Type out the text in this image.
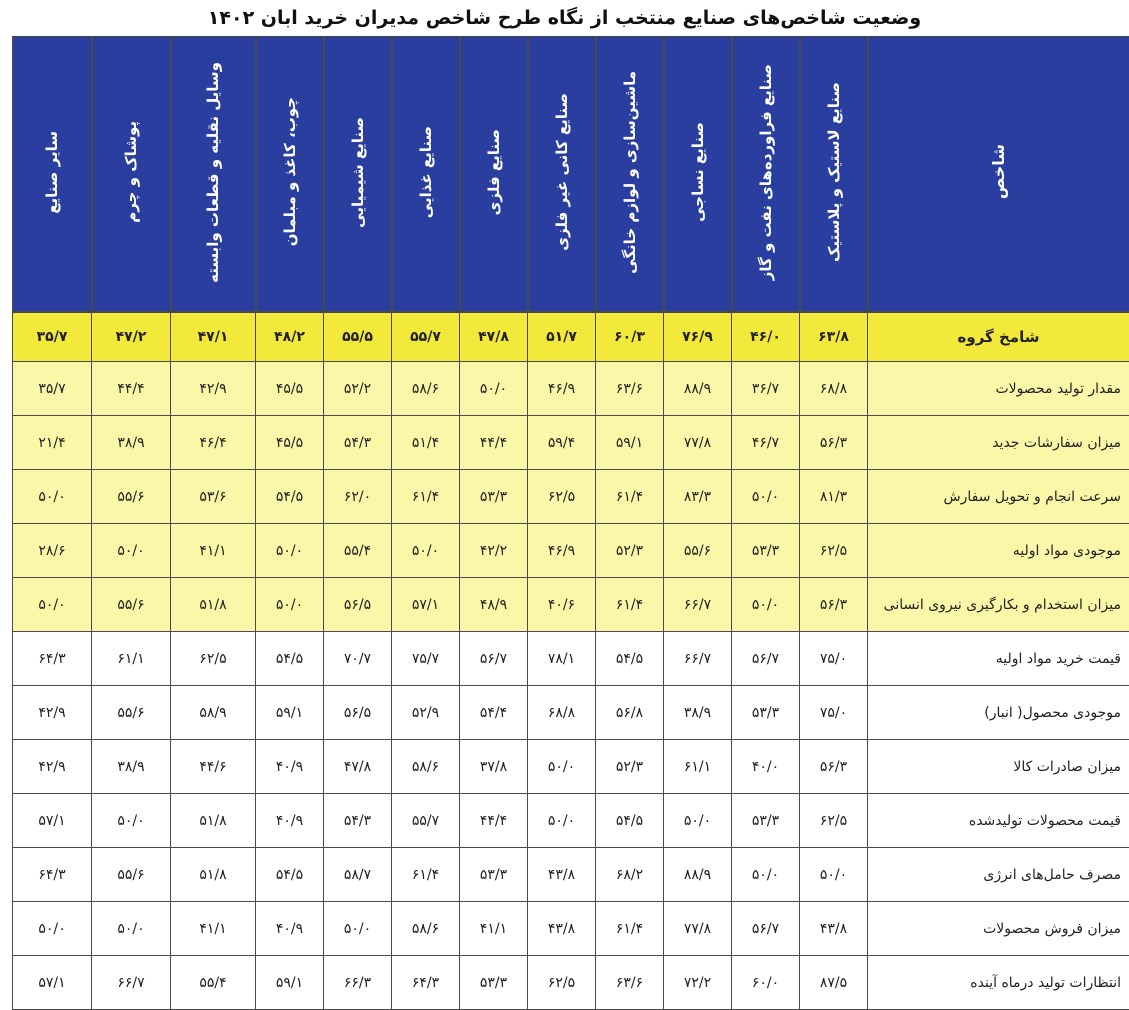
وضعیت شاخص‌های صنایع منتخب از نگاه طرح شاخص مدیران خرید ابان ۱۴۰۲
شاخص	صنایع لاستیک و پلاستیک	صنایع فراورده‌های نفت و گاز	صنایع نساجی	ماشین‌سازی و لوازم خانگی	صنایع کانی غیر فلزی	صنایع فلزی	صنایع غذایی	صنایع شیمیایی	چوب، کاغذ و مبلمان	وسایل نقلیه و قطعات وابسته	پوشاک و چرم	سایر صنایع
شامخ گروه	۶۳/۸	۴۶/۰	۷۶/۹	۶۰/۳	۵۱/۷	۴۷/۸	۵۵/۷	۵۵/۵	۴۸/۲	۴۷/۱	۴۷/۲	۳۵/۷
مقدار تولید محصولات	۶۸/۸	۳۶/۷	۸۸/۹	۶۳/۶	۴۶/۹	۵۰/۰	۵۸/۶	۵۲/۲	۴۵/۵	۴۲/۹	۴۴/۴	۳۵/۷
میزان سفارشات جدید	۵۶/۳	۴۶/۷	۷۷/۸	۵۹/۱	۵۹/۴	۴۴/۴	۵۱/۴	۵۴/۳	۴۵/۵	۴۶/۴	۳۸/۹	۲۱/۴
سرعت انجام و تحویل سفارش	۸۱/۳	۵۰/۰	۸۳/۳	۶۱/۴	۶۲/۵	۵۳/۳	۶۱/۴	۶۲/۰	۵۴/۵	۵۳/۶	۵۵/۶	۵۰/۰
موجودی مواد اولیه	۶۲/۵	۵۳/۳	۵۵/۶	۵۲/۳	۴۶/۹	۴۲/۲	۵۰/۰	۵۵/۴	۵۰/۰	۴۱/۱	۵۰/۰	۲۸/۶
میزان استخدام و بکارگیری نیروی انسانی	۵۶/۳	۵۰/۰	۶۶/۷	۶۱/۴	۴۰/۶	۴۸/۹	۵۷/۱	۵۶/۵	۵۰/۰	۵۱/۸	۵۵/۶	۵۰/۰
قیمت خرید مواد اولیه	۷۵/۰	۵۶/۷	۶۶/۷	۵۴/۵	۷۸/۱	۵۶/۷	۷۵/۷	۷۰/۷	۵۴/۵	۶۲/۵	۶۱/۱	۶۴/۳
موجودی محصول( انبار)	۷۵/۰	۵۳/۳	۳۸/۹	۵۶/۸	۶۸/۸	۵۴/۴	۵۲/۹	۵۶/۵	۵۹/۱	۵۸/۹	۵۵/۶	۴۲/۹
میزان صادرات کالا	۵۶/۳	۴۰/۰	۶۱/۱	۵۲/۳	۵۰/۰	۳۷/۸	۵۸/۶	۴۷/۸	۴۰/۹	۴۴/۶	۳۸/۹	۴۲/۹
قیمت محصولات تولیدشده	۶۲/۵	۵۳/۳	۵۰/۰	۵۴/۵	۵۰/۰	۴۴/۴	۵۵/۷	۵۴/۳	۴۰/۹	۵۱/۸	۵۰/۰	۵۷/۱
مصرف حامل‌های انرژی	۵۰/۰	۵۰/۰	۸۸/۹	۶۸/۲	۴۳/۸	۵۳/۳	۶۱/۴	۵۸/۷	۵۴/۵	۵۱/۸	۵۵/۶	۶۴/۳
میزان فروش محصولات	۴۳/۸	۵۶/۷	۷۷/۸	۶۱/۴	۴۳/۸	۴۱/۱	۵۸/۶	۵۰/۰	۴۰/۹	۴۱/۱	۵۰/۰	۵۰/۰
انتظارات تولید درماه آینده	۸۷/۵	۶۰/۰	۷۲/۲	۶۳/۶	۶۲/۵	۵۳/۳	۶۴/۳	۶۶/۳	۵۹/۱	۵۵/۴	۶۶/۷	۵۷/۱
